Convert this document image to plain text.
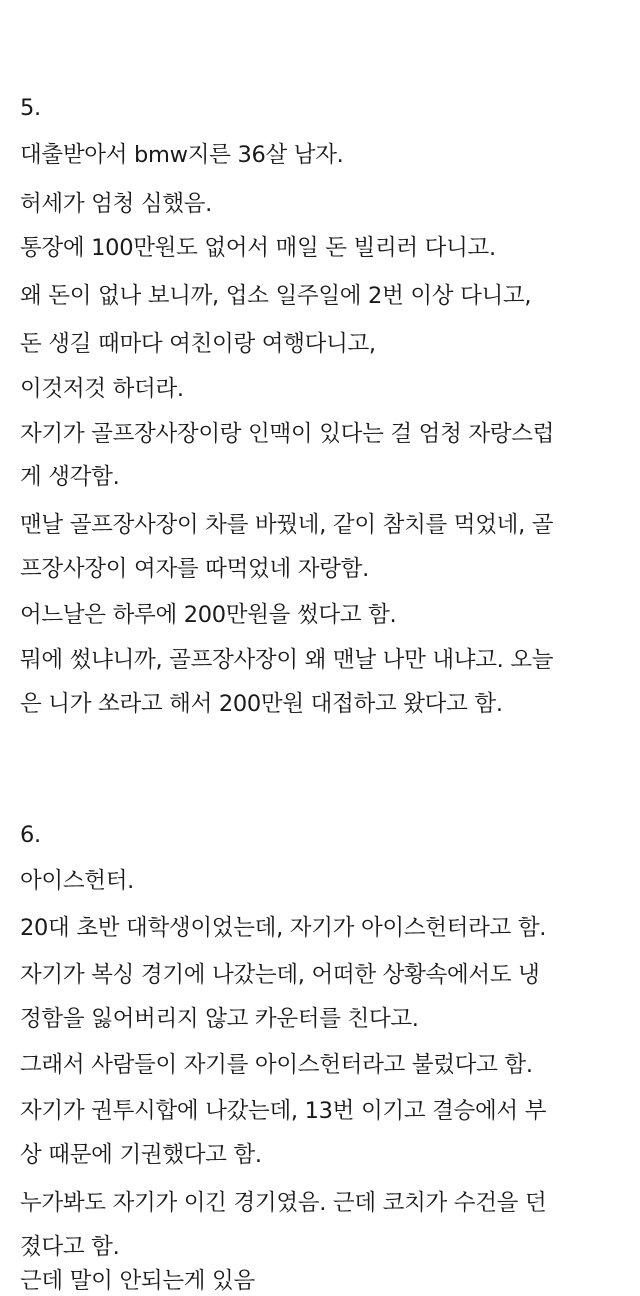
5.
대출받아서 bmw지른 36살 남자.
허세가 엄청 심했음.
통장에 100만원도 없어서 매일 돈 빌리러 다니고.
왜 돈이 없나 보니까, 업소 일주일에 2번 이상 다니고,
돈 생길 때마다 여친이랑 여행다니고,
이것저것 하더라.
자기가 골프장사장이랑 인맥이 있다는 걸 엄청 자랑스럽
게 생각함.
맨날 골프장사장이 차를 바꿨네, 같이 참치를 먹었네, 골
프장사장이 여자를 따먹었네 자랑함.
어느날은 하루에 200만원을 썼다고 함.
뭐에 썼냐니까, 골프장사장이 왜 맨날 나만 내냐고. 오늘
은 니가 쏘라고 해서 200만원 대접하고 왔다고 함.
6.
아이스헌터.
20대 초반 대학생이었는데, 자기가 아이스헌터라고 함.
자기가 복싱 경기에 나갔는데, 어떠한 상황속에서도 냉
정함을 잃어버리지 않고 카운터를 친다고.
그래서 사람들이 자기를 아이스헌터라고 불렀다고 함.
자기가 권투시합에 나갔는데, 13번 이기고 결승에서 부
상 때문에 기권했다고 함.
누가봐도 자기가 이긴 경기였음. 근데 코치가 수건을 던
졌다고 함.
근데 말이 안되는게 있음
